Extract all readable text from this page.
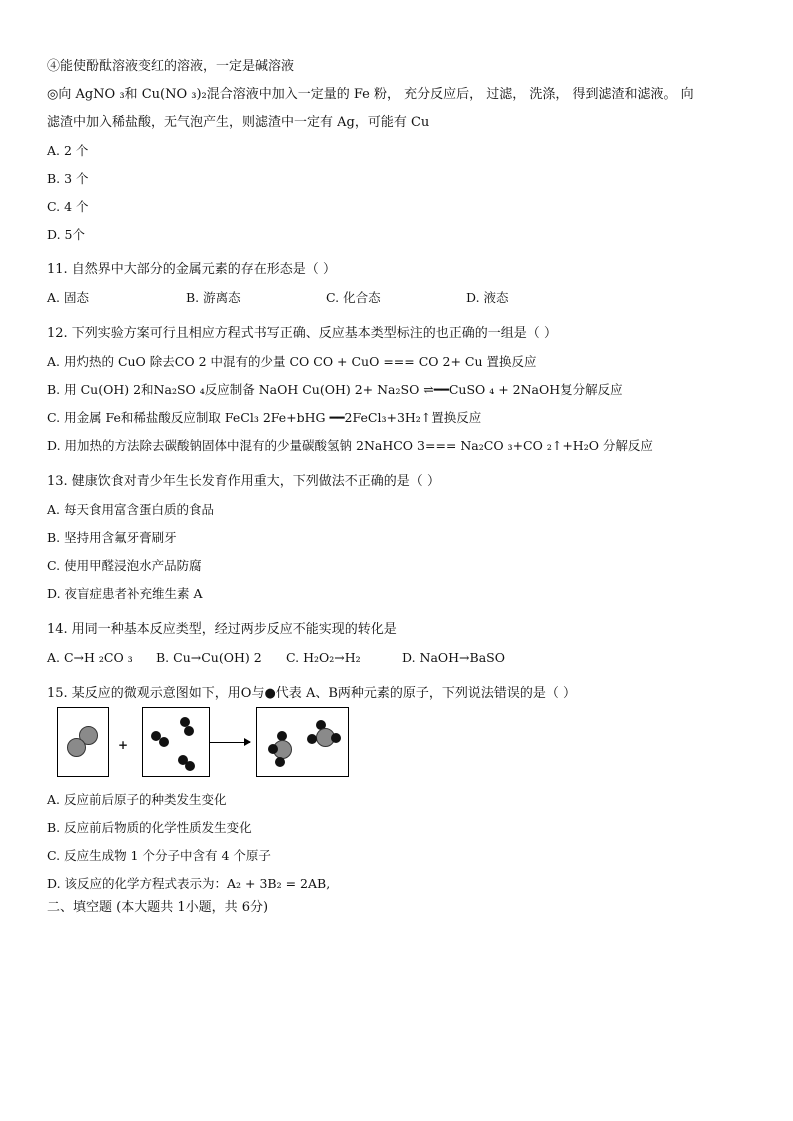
④能使酚酞溶液变红的溶液，一定是碱溶液
◎向 AgNO ₃和 Cu(NO ₃)₂混合溶液中加入一定量的 Fe 粉， 充分反应后， 过滤， 洗涤， 得到滤渣和滤液。 向
滤渣中加入稀盐酸，无气泡产生，则滤渣中一定有 Ag，可能有 Cu
A. 2 个
B. 3 个
C. 4 个
D. 5个
11. 自然界中大部分的金属元素的存在形态是（ ）
A. 固态	B. 游离态	C. 化合态	D. 液态
12. 下列实验方案可行且相应方程式书写正确、反应基本类型标注的也正确的一组是（ ）
A. 用灼热的 CuO 除去CO 2 中混有的少量 CO CO + CuO === CO 2+ Cu 置换反应
B. 用 Cu(OH) 2和Na₂SO ₄反应制备 NaOH Cu(OH) 2+ Na₂SO ⇌━━CuSO ₄ + 2NaOH复分解反应
C. 用金属 Fe和稀盐酸反应制取 FeCl₃ 2Fe+bHG ━━2FeCl₃+3H₂↑置换反应
D. 用加热的方法除去碳酸钠固体中混有的少量碳酸氢钠 2NaHCO 3=== Na₂CO ₃+CO ₂↑+H₂O 分解反应
13. 健康饮食对青少年生长发育作用重大，下列做法不正确的是（ ）
A. 每天食用富含蛋白质的食品
B. 坚持用含氟牙膏刷牙
C. 使用甲醛浸泡水产品防腐
D. 夜盲症患者补充维生素 A
14. 用同一种基本反应类型，经过两步反应不能实现的转化是
A. C→H ₂CO ₃ B. Cu→Cu(OH) 2 C. H₂O₂→H₂	D. NaOH→BaSO
15. 某反应的微观示意图如下，用O与●代表 A、B两种元素的原子，下列说法错误的是（ ）
+
A. 反应前后原子的种类发生变化
B. 反应前后物质的化学性质发生变化
C. 反应生成物 1 个分子中含有 4 个原子
D. 该反应的化学方程式表示为：A₂ + 3B₂ = 2AB,
二、填空题 (本大题共 1小题，共 6分)
